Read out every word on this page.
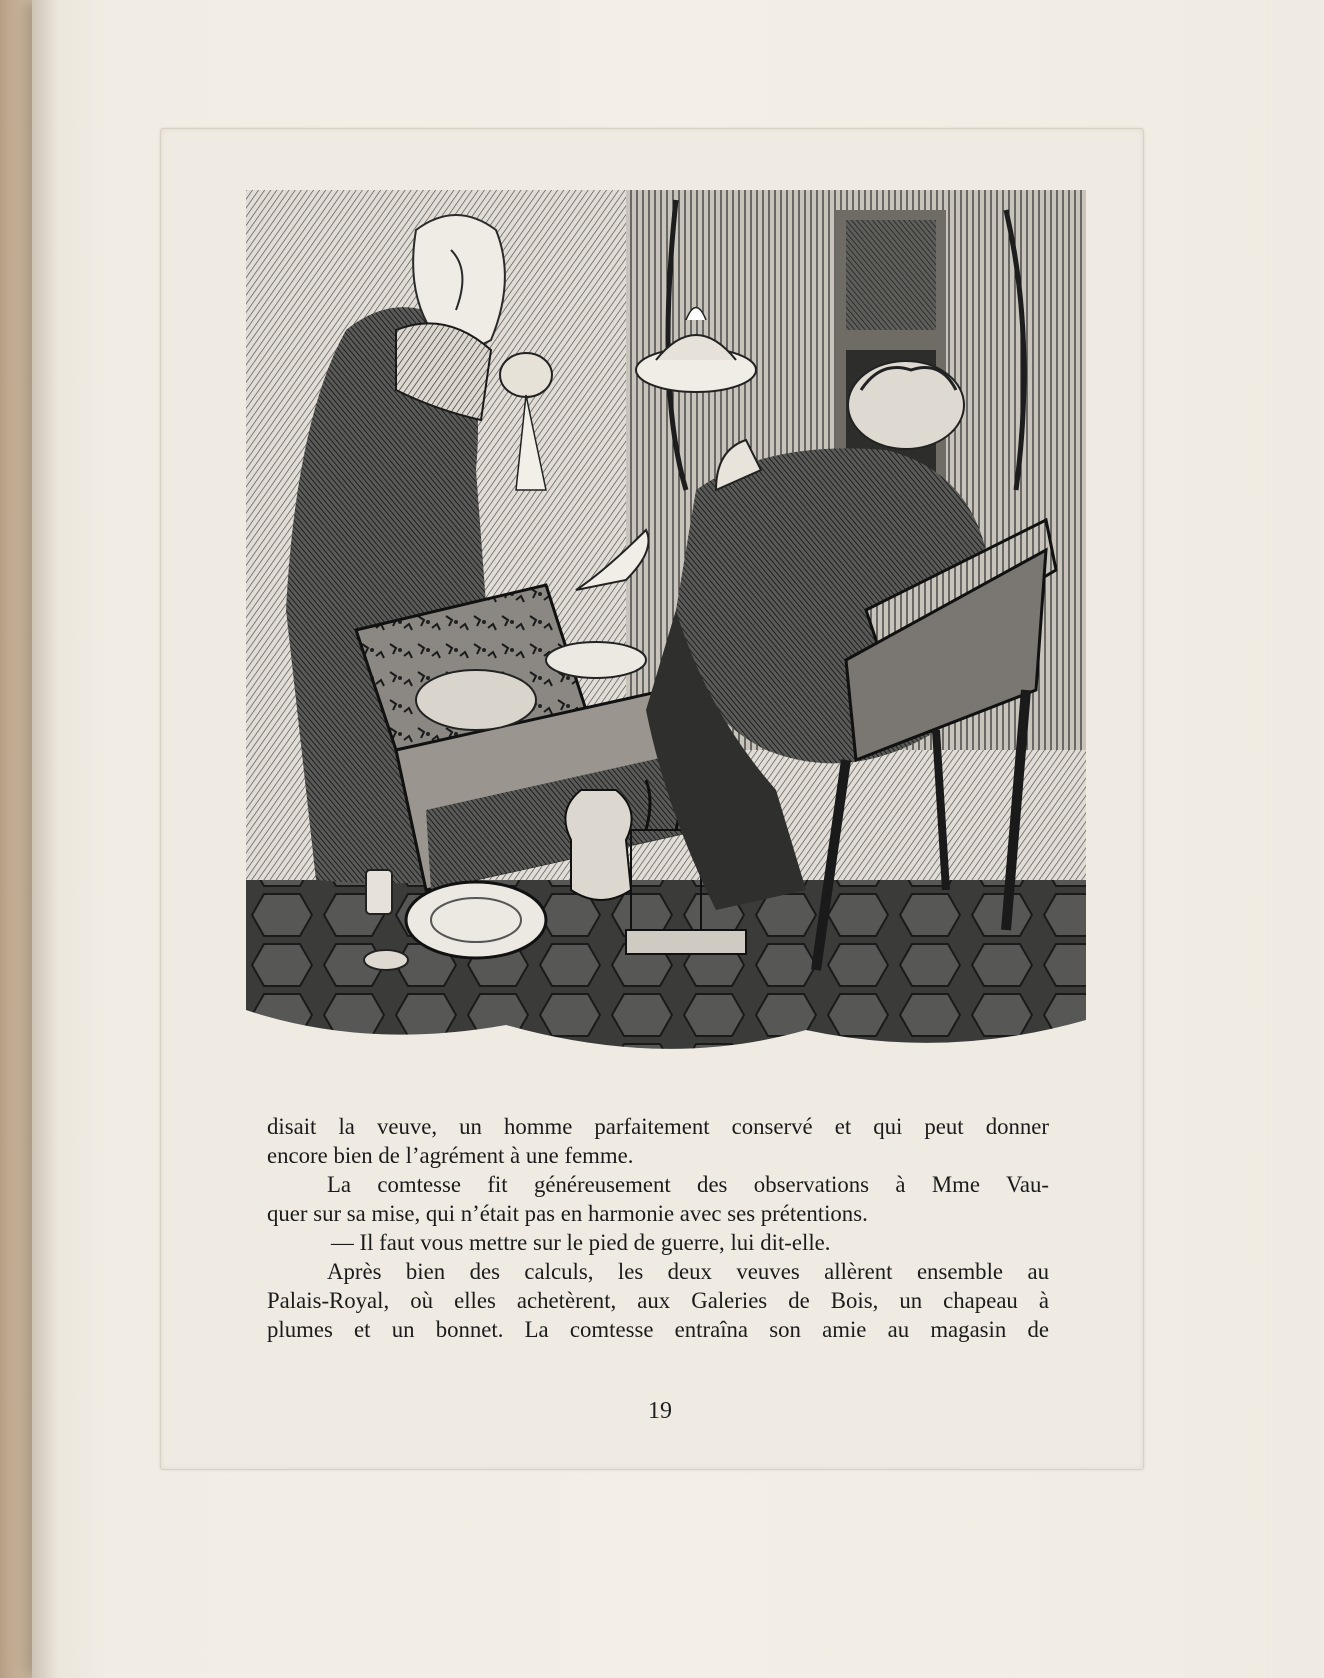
disait la veuve, un homme parfaitement conservé et qui peut donner

encore bien de l’agrément à une femme.

La comtesse fit généreusement des observations à Mme Vau-

quer sur sa mise, qui n’était pas en harmonie avec ses prétentions.

— Il faut vous mettre sur le pied de guerre, lui dit-elle.

Après bien des calculs, les deux veuves allèrent ensemble au

Palais-Royal, où elles achetèrent, aux Galeries de Bois, un chapeau à

plumes et un bonnet. La comtesse entraîna son amie au magasin de

19
